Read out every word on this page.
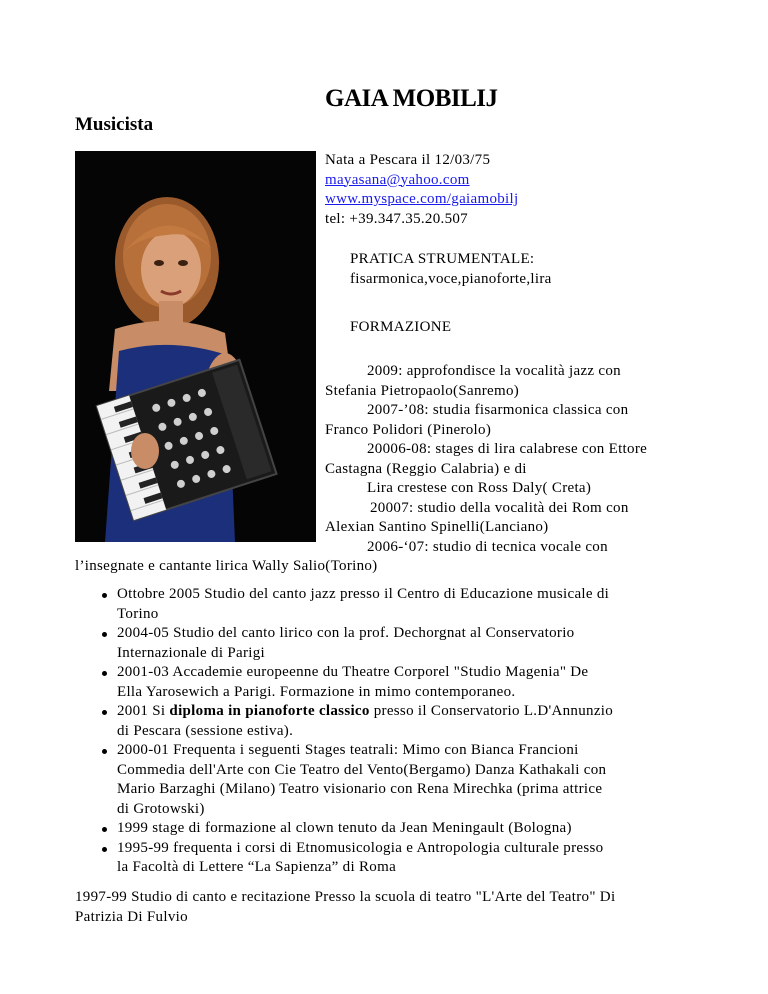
GAIA MOBILIJ
Musicista
Nata a Pescara il 12/03/75
mayasana@yahoo.com
www.myspace.com/gaiamobilj
tel: +39.347.35.20.507
PRATICA STRUMENTALE:
fisarmonica,voce,pianoforte,lira
FORMAZIONE
2009: approfondisce la vocalità jazz con
Stefania Pietropaolo(Sanremo)
2007-’08: studia fisarmonica classica con
Franco Polidori (Pinerolo)
20006-08: stages di lira calabrese con Ettore
Castagna (Reggio Calabria) e di
Lira crestese con Ross Daly( Creta)
20007: studio della vocalità dei Rom con
Alexian Santino Spinelli(Lanciano)
2006-‘07: studio di tecnica vocale con
l’insegnate e cantante lirica Wally Salio(Torino)
Ottobre 2005 Studio del canto jazz presso il Centro di Educazione musicale di
Torino
2004-05 Studio del canto lirico con la prof. Dechorgnat al Conservatorio
Internazionale di Parigi
2001-03 Accademie europeenne du Theatre Corporel "Studio Magenia" De
Ella Yarosewich a Parigi. Formazione in mimo contemporaneo.
2001 Si diploma in pianoforte classico presso il Conservatorio L.D'Annunzio
di Pescara (sessione estiva).
2000-01 Frequenta i seguenti Stages teatrali: Mimo con Bianca Francioni
Commedia dell'Arte con Cie Teatro del Vento(Bergamo) Danza Kathakali con
Mario Barzaghi (Milano) Teatro visionario con Rena Mirechka (prima attrice
di Grotowski)
1999 stage di formazione al clown tenuto da Jean Meningault (Bologna)
1995-99 frequenta i corsi di Etnomusicologia e Antropologia culturale presso
la Facoltà di Lettere “La Sapienza” di Roma
1997-99 Studio di canto e recitazione Presso la scuola di teatro "L'Arte del Teatro" Di
Patrizia Di Fulvio
